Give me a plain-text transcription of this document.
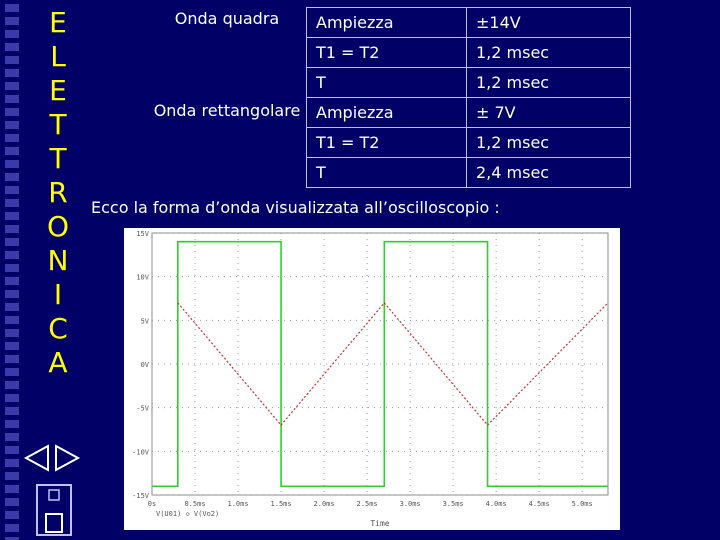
E
L
E
T
T
R
O
N
I
C
A
Onda quadra	Ampiezza	±14V
	T1 = T2	1,2 msec
	T	1,2 msec
Onda rettangolare	Ampiezza	± 7V
	T1 = T2	1,2 msec
	T	2,4 msec
Ecco la forma d’onda visualizzata all’oscilloscopio :
15V
10V
5V
0V
-5V
-10V
-15V
0s	0.5ms	1.0ms	1.5ms	2.0ms	2.5ms	3.0ms	3.5ms	4.0ms	4.5ms	5.0ms
V(U01) ◇ V(Vo2)
Time
